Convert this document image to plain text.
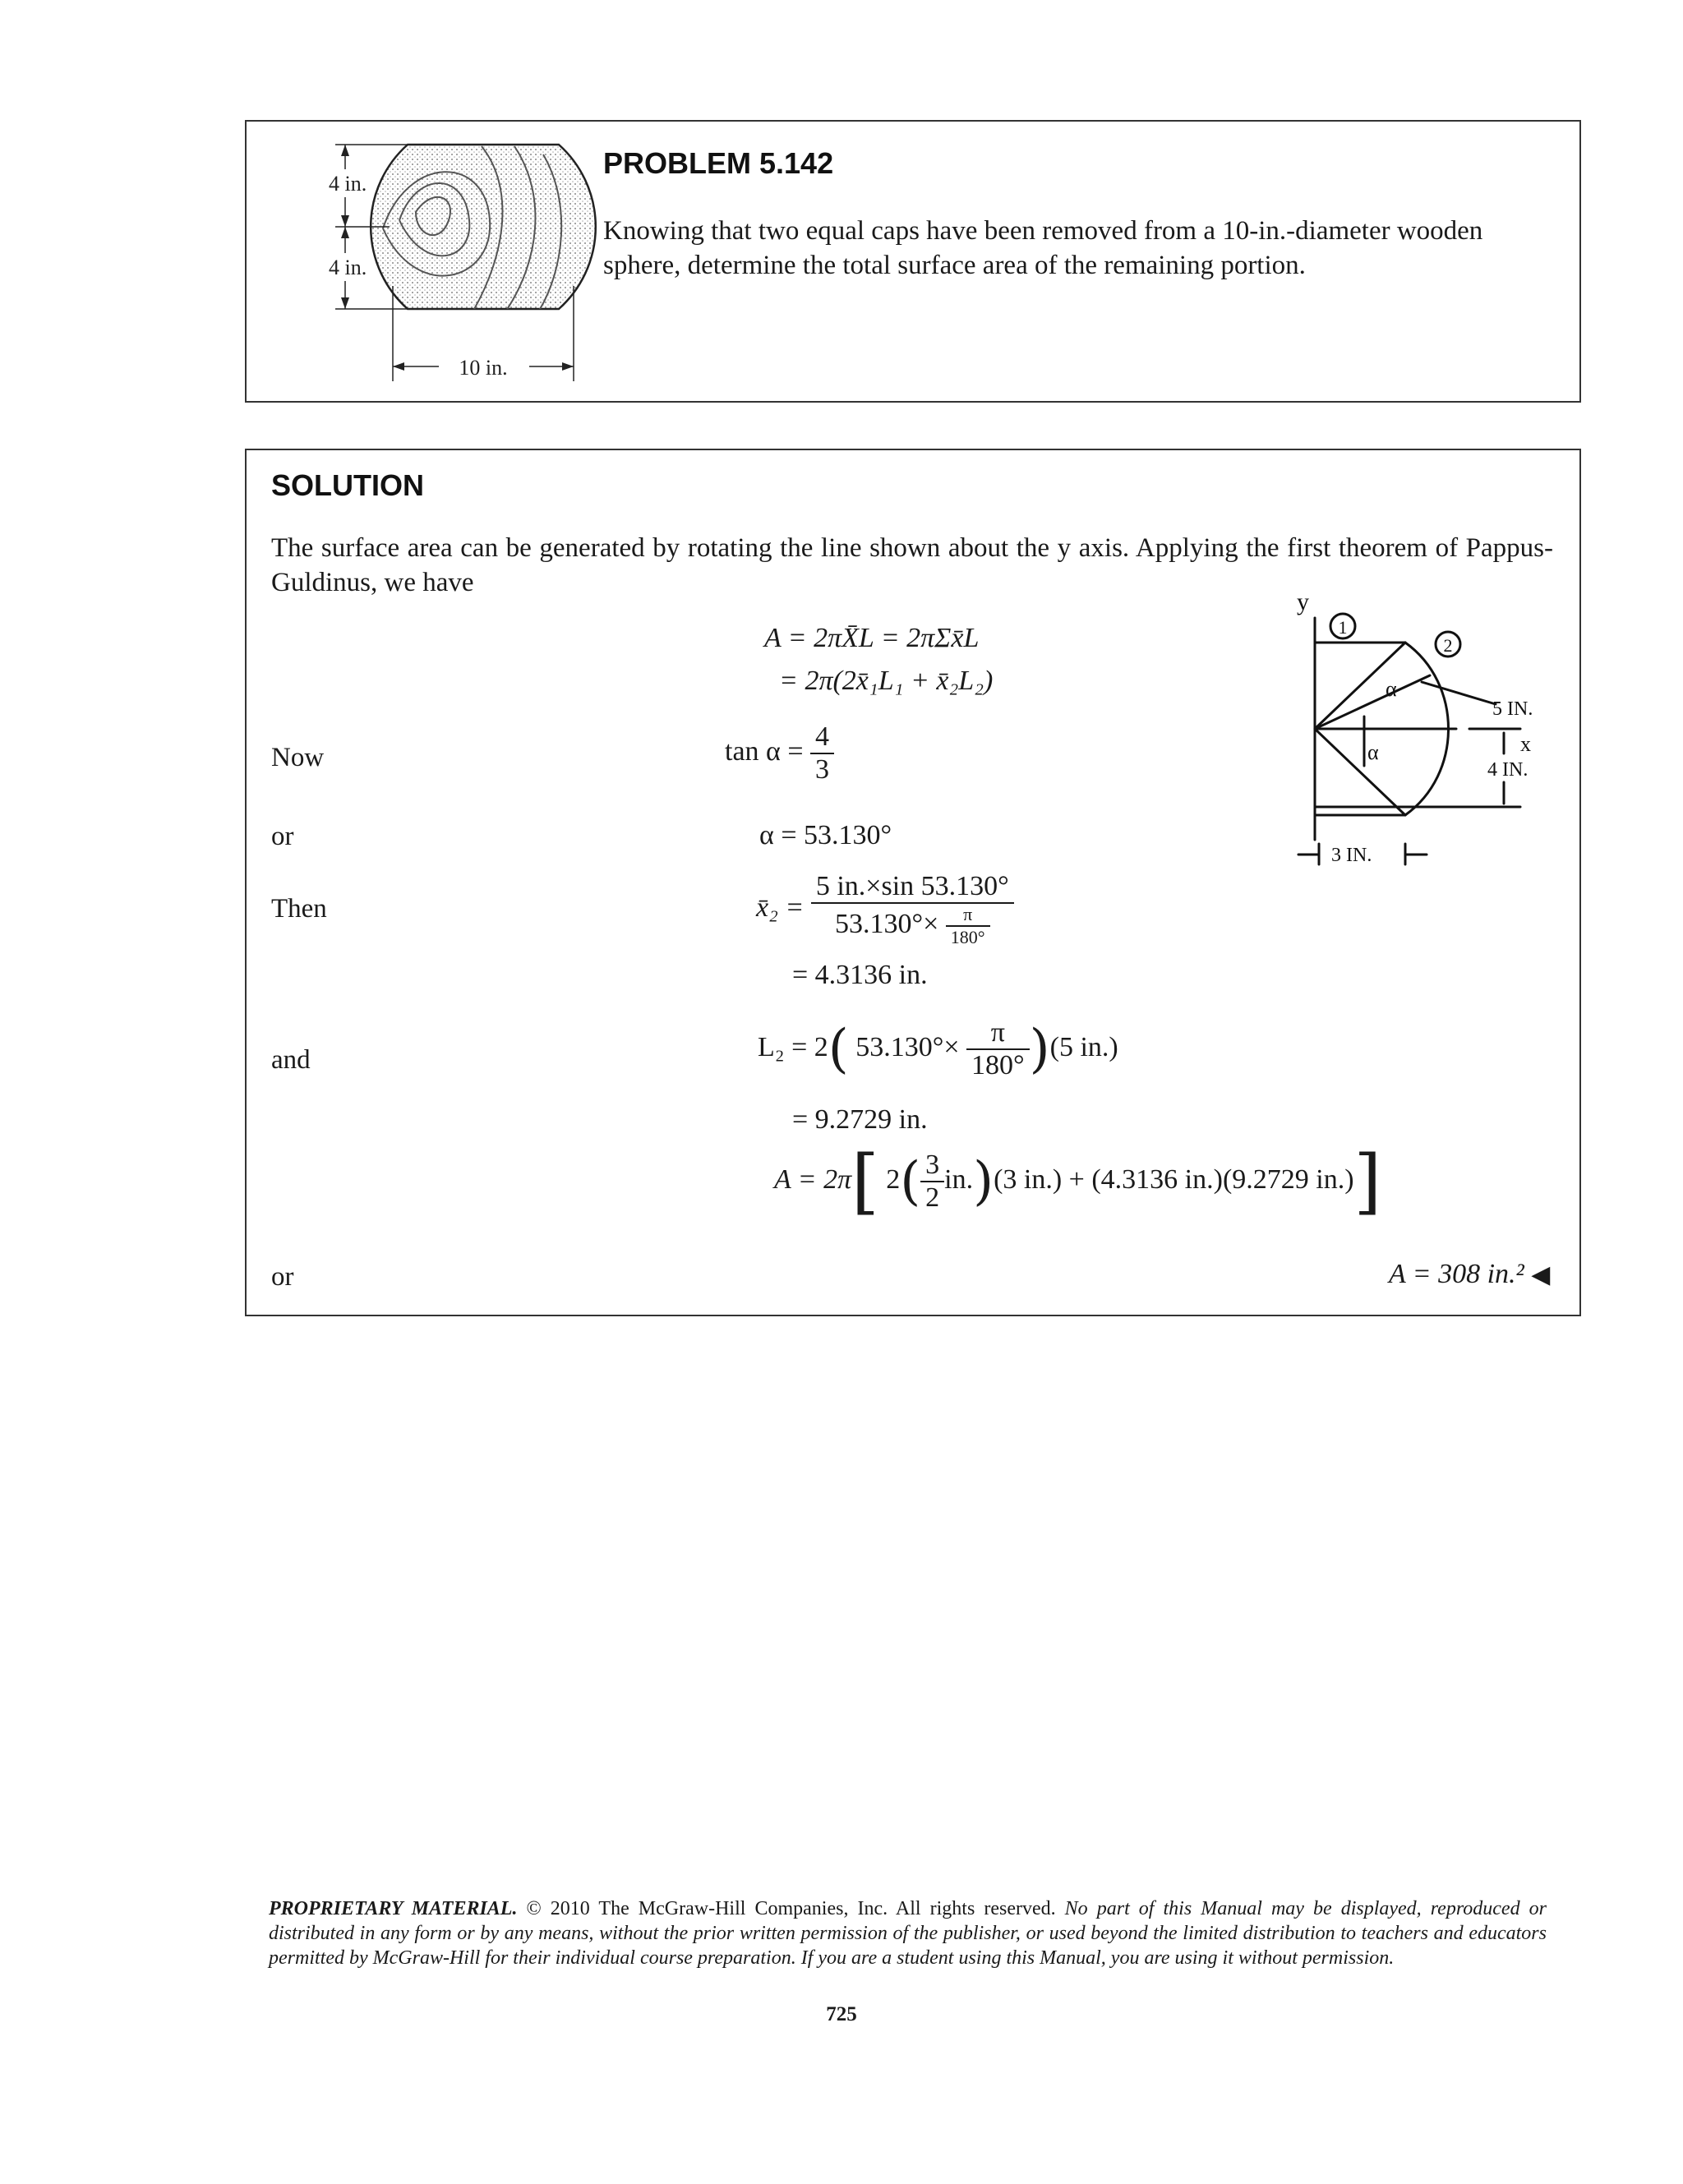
4 in.
4 in.
10 in.
PROBLEM 5.142
Knowing that two equal caps have been removed from a 10-in.-diameter wooden sphere, determine the total surface area of the remaining portion.
SOLUTION
The surface area can be generated by rotating the line shown about the y axis. Applying the first theorem of Pappus-Guldinus, we have
A = 2πX̄L = 2πΣx̄L
= 2π(2x̄₁L₁ + x̄₂L₂)
Now	$\tan \alpha = \frac{4}{3}$
or	α = 53.130°
Then	x̄₂ = $\frac{5 in.\times\sin 53.130^\circ}{53.130^\circ\times \frac{\pi}{180^\circ}}$
= 4.3136 in.
and	L₂ = 2( $53.130^\circ\times \frac{\pi}{180^\circ} )(5$ in.)
= 9.2729 in.
A = 2π[ $2( \frac{3}{2} in.)(3$ in.) + (4.3136 in.)(9.2729 in.)]
or	A = 308 in.² ◀
y
1
2
α
α
5 IN.
x
4 IN.
3 IN.
PROPRIETARY MATERIAL. © 2010 The McGraw-Hill Companies, Inc. All rights reserved. No part of this Manual may be displayed, reproduced or distributed in any form or by any means, without the prior written permission of the publisher, or used beyond the limited distribution to teachers and educators permitted by McGraw-Hill for their individual course preparation. If you are a student using this Manual, you are using it without permission.
725
